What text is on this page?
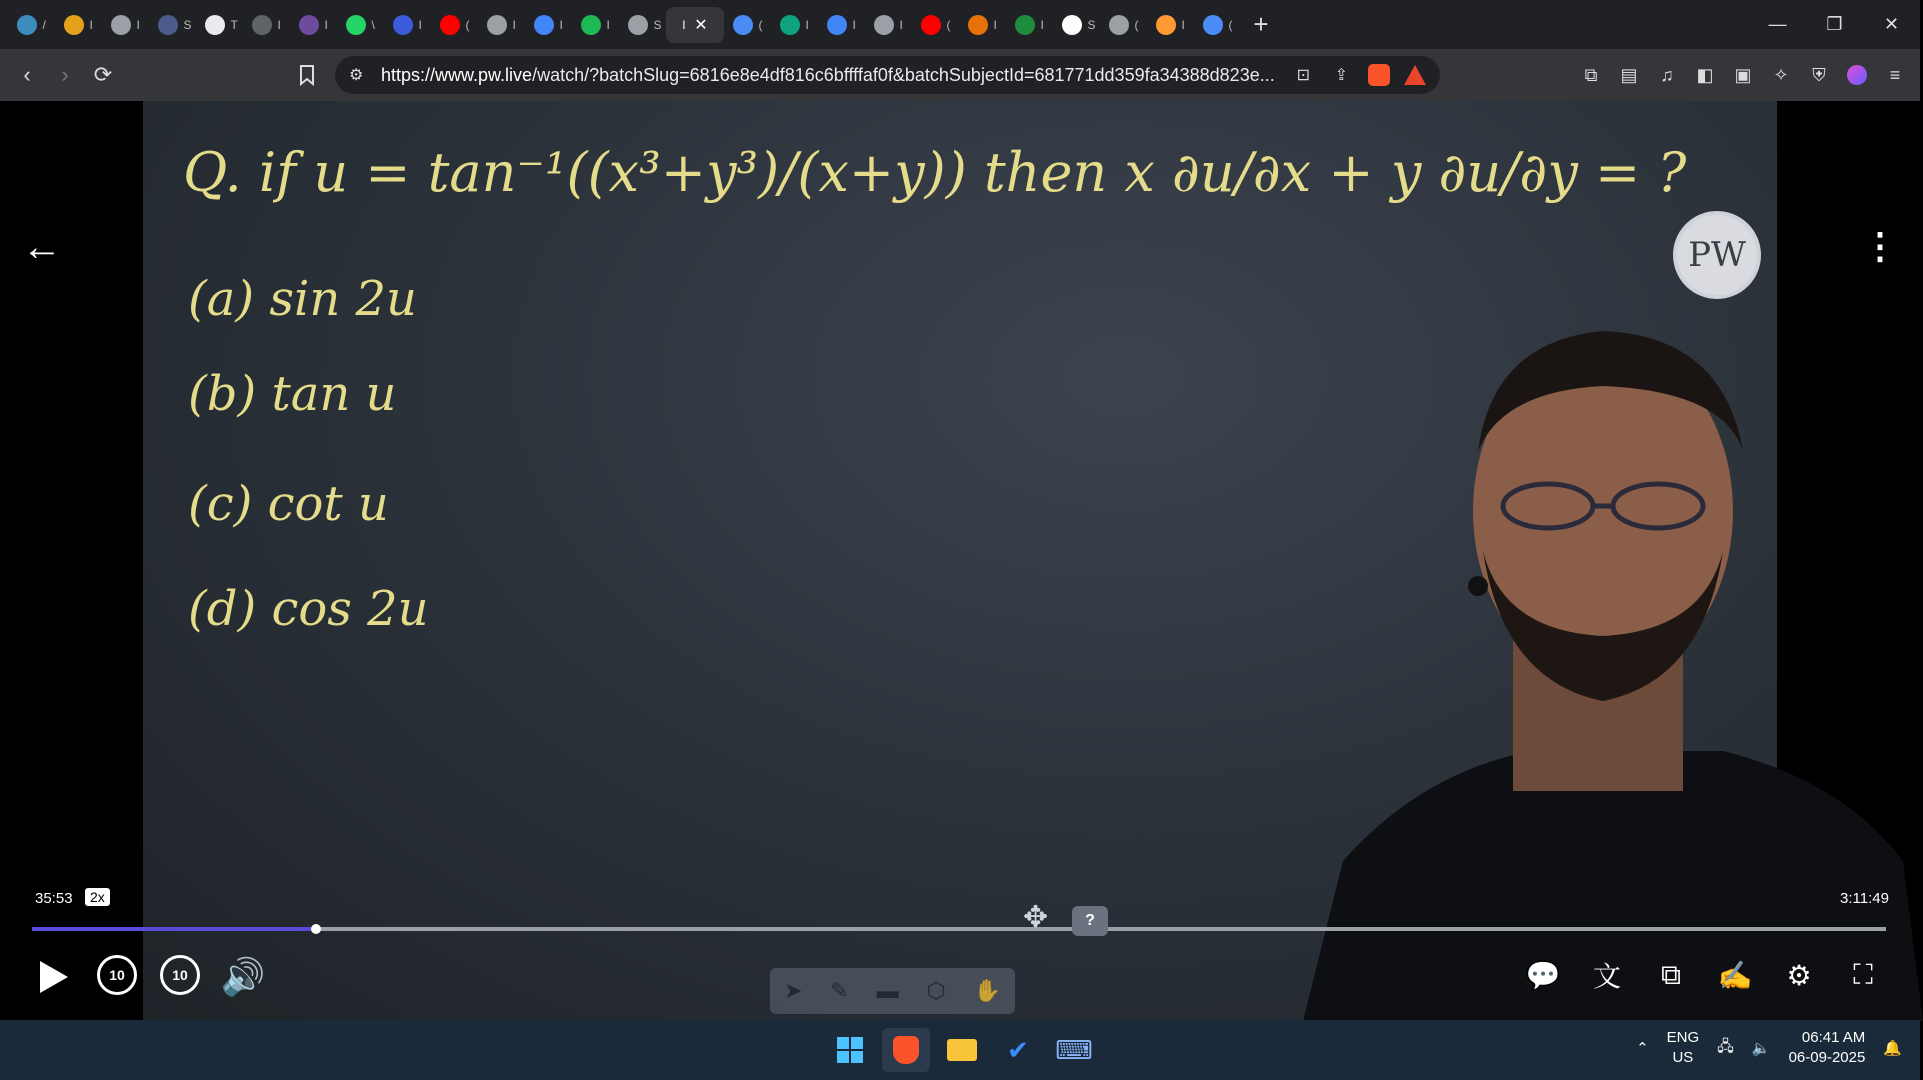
/	I	I	S	T	I	I	\	I	(	I	I	I	S I ✕	(	I	I	I	(	I	I	S	(	I	( +	—	❐	✕
‹	›	⟳	⚙ https://www.pw.live/watch/?batchSlug=6816e8e4df816c6bffffaf0f&batchSubjectId=681771dd359fa34388d823e... ⊡ ⇪	⧉	▤	♫	◧	▣	✧	⛨	≡
Q. if u = tan⁻¹((x³+y³)/(x+y)) then x ∂u/∂x + y ∂u/∂y = ?
(a) sin 2u
(b) tan u
(c) cot u
(d) cos 2u
PW
←	⋮
35:53	2x	3:11:49
✥	?
10	10 🔊	➤ ✎ ▬ ⬡ ✋	💬 文	⧉	✍ ⚙	⛶
✔	⌨	⌃
ENG
US
🖧 🔈
06:41 AM
06-09-2025
🔔
